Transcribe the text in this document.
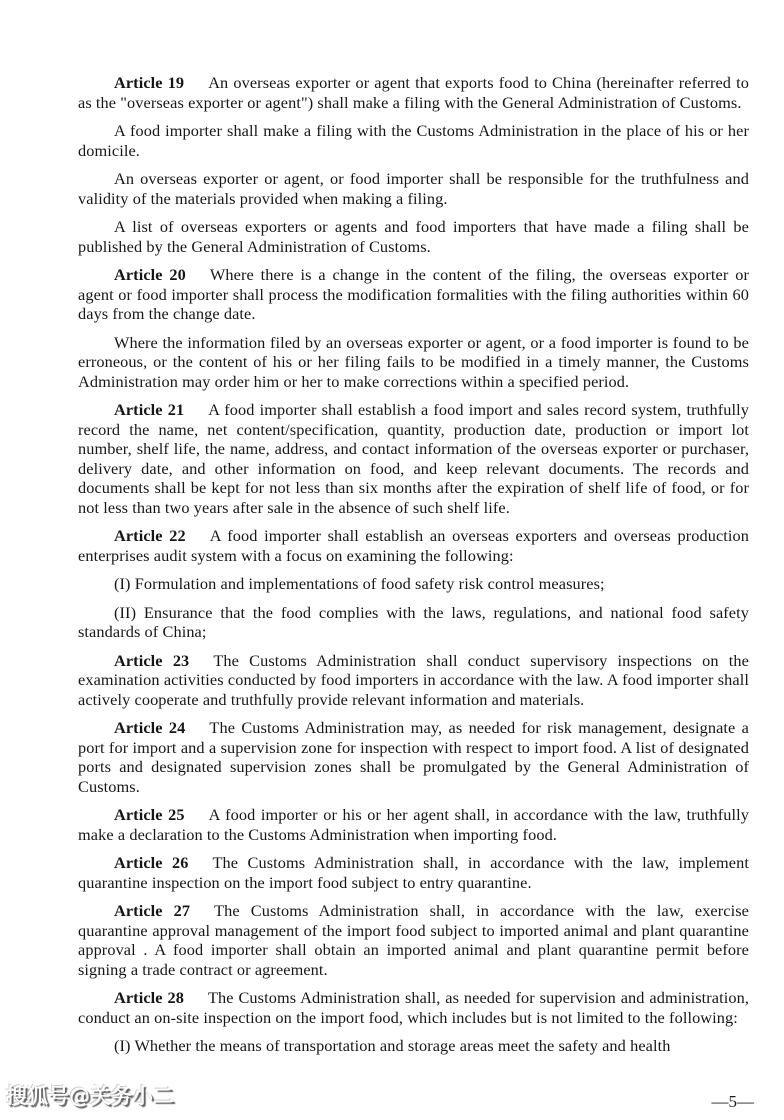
Article 19 An overseas exporter or agent that exports food to China (hereinafter referred to as the "overseas exporter or agent") shall make a filing with the General Administration of Customs.

A food importer shall make a filing with the Customs Administration in the place of his or her domicile.

An overseas exporter or agent, or food importer shall be responsible for the truthfulness and validity of the materials provided when making a filing.

A list of overseas exporters or agents and food importers that have made a filing shall be published by the General Administration of Customs.

Article 20 Where there is a change in the content of the filing, the overseas exporter or agent or food importer shall process the modification formalities with the filing authorities within 60 days from the change date.

Where the information filed by an overseas exporter or agent, or a food importer is found to be erroneous, or the content of his or her filing fails to be modified in a timely manner, the Customs Administration may order him or her to make corrections within a specified period.

Article 21 A food importer shall establish a food import and sales record system, truthfully record the name, net content/specification, quantity, production date, production or import lot number, shelf life, the name, address, and contact information of the overseas exporter or purchaser, delivery date, and other information on food, and keep relevant documents. The records and documents shall be kept for not less than six months after the expiration of shelf life of food, or for not less than two years after sale in the absence of such shelf life.

Article 22 A food importer shall establish an overseas exporters and overseas production enterprises audit system with a focus on examining the following:

(I) Formulation and implementations of food safety risk control measures;

(II) Ensurance that the food complies with the laws, regulations, and national food safety standards of China;

Article 23 The Customs Administration shall conduct supervisory inspections on the examination activities conducted by food importers in accordance with the law. A food importer shall actively cooperate and truthfully provide relevant information and materials.

Article 24 The Customs Administration may, as needed for risk management, designate a port for import and a supervision zone for inspection with respect to import food. A list of designated ports and designated supervision zones shall be promulgated by the General Administration of Customs.

Article 25 A food importer or his or her agent shall, in accordance with the law, truthfully make a declaration to the Customs Administration when importing food.

Article 26 The Customs Administration shall, in accordance with the law, implement quarantine inspection on the import food subject to entry quarantine.

Article 27 The Customs Administration shall, in accordance with the law, exercise quarantine approval management of the import food subject to imported animal and plant quarantine approval . A food importer shall obtain an imported animal and plant quarantine permit before signing a trade contract or agreement.

Article 28 The Customs Administration shall, as needed for supervision and administration, conduct an on-site inspection on the import food, which includes but is not limited to the following:

(I) Whether the means of transportation and storage areas meet the safety and health

搜狐号@关务小二	—5—
